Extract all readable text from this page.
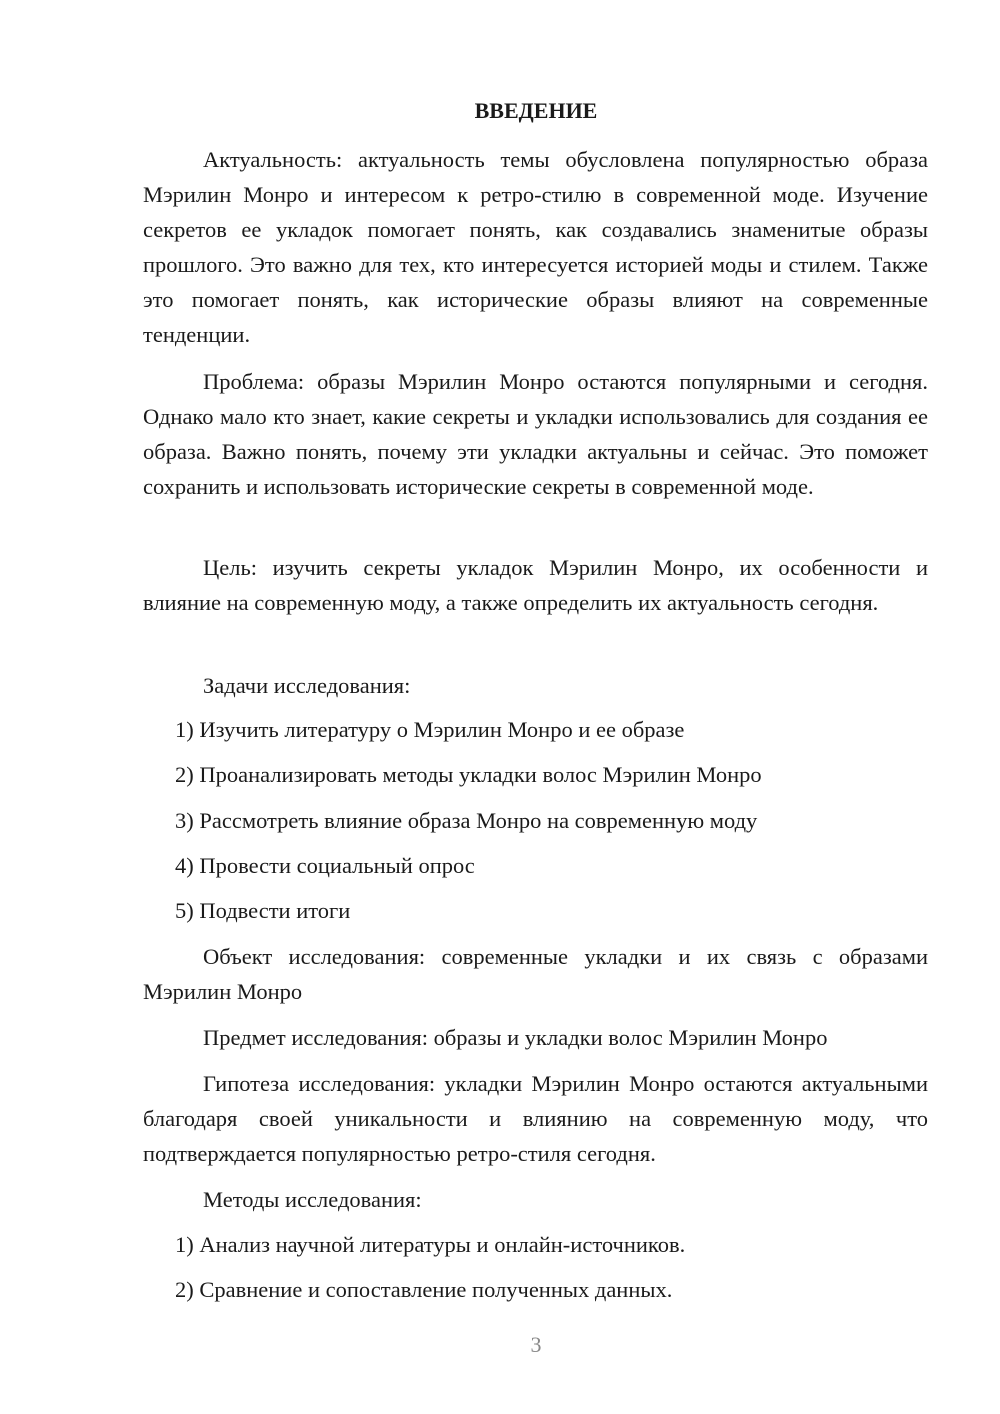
ВВЕДЕНИЕ

Актуальность: актуальность темы обусловлена популярностью образа Мэрилин Монро и интересом к ретро-стилю в современной моде. Изучение секретов ее укладок помогает понять, как создавались знаменитые образы прошлого. Это важно для тех, кто интересуется историей моды и стилем. Также это помогает понять, как исторические образы влияют на современные тенденции.

Проблема: образы Мэрилин Монро остаются популярными и сегодня. Однако мало кто знает, какие секреты и укладки использовались для создания ее образа. Важно понять, почему эти укладки актуальны и сейчас. Это поможет сохранить и использовать исторические секреты в современной моде.

Цель: изучить секреты укладок Мэрилин Монро, их особенности и влияние на современную моду, а также определить их актуальность сегодня.

Задачи исследования:

1) Изучить литературу о Мэрилин Монро и ее образе

2) Проанализировать методы укладки волос Мэрилин Монро

3) Рассмотреть влияние образа Монро на современную моду

4) Провести социальный опрос

5) Подвести итоги

Объект исследования: современные укладки и их связь с образами Мэрилин Монро

Предмет исследования: образы и укладки волос Мэрилин Монро

Гипотеза исследования: укладки Мэрилин Монро остаются актуальными благодаря своей уникальности и влиянию на современную моду, что подтверждается популярностью ретро-стиля сегодня.

Методы исследования:

1) Анализ научной литературы и онлайн-источников.

2) Сравнение и сопоставление полученных данных.

3
